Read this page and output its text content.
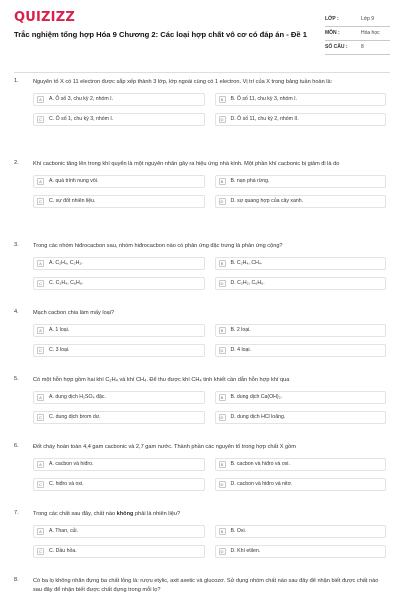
QUIZIZZ
Trắc nghiệm tổng hợp Hóa 9 Chương 2: Các loại hợp chất vô cơ có đáp án - Đề 1
LỚP :	Lớp 9
MÔN :	Hóa học
SỐ CÂU :	8
1.	Nguyên tố X có 11 electron được sắp xếp thành 3 lớp, lớp ngoài cùng có 1 electron. Vị trí của X trong bảng tuần hoàn là:
A	A. Ô số 3, chu kỳ 2, nhóm I.	B	B. Ô số 11, chu kỳ 3, nhóm I.
C	C. Ô số 1, chu kỳ 3, nhóm I.	D	D. Ô số 11, chu kỳ 2, nhóm II.
2.	Khí cacbonic tăng lên trong khí quyển là một nguyên nhân gây ra hiệu ứng nhà kính. Một phần khí cacbonic bị giảm đi là do
A	A. quá trình nung vôi.	B	B. nạn phá rừng.
C	C. sự đốt nhiên liệu.	D	D. sự quang hợp của cây xanh.
3.	Trong các nhóm hiđrocacbon sau, nhóm hiđrocacbon nào có phản ứng đặc trưng là phản ứng cộng?
A	A. C₂H₄, C₂H₂.	B	B. C₂H₄, CH₄.
C	C. C₂H₄, C₆H₆.	D	D. C₂H₂, C₆H₆.
4.	Mạch cacbon chia làm mấy loại?
A	A. 1 loại.	B	B. 2 loại.
C	C. 3 loại.	D	D. 4 loại.
5.	Có một hỗn hợp gồm hai khí C₂H₄ và khí CH₄. Để thu được khí CH₄ tinh khiết cần dẫn hỗn hợp khí qua
A	A. dung dịch H₂SO₄ đặc.	B	B. dung dịch Ca(OH)₂.
C	C. dung dịch brom dư.	D	D. dung dịch HCl loãng.
6.	Đốt cháy hoàn toàn 4,4 gam cacbonic và 2,7 gam nước. Thành phần các nguyên tố trong hợp chất X gồm
A	A. cacbon và hiđro.	B	B. cacbon và hiđro và oxi.
C	C. hiđro và oxi.	D	D. cacbon và hiđro và nitơ.
7.	Trong các chất sau đây, chất nào không phải là nhiên liệu?
A	A. Than, củi.	B	B. Oxi.
C	C. Dầu hỏa.	D	D. Khí etilen.
8.	Có ba lọ không nhãn đựng ba chất lỏng là: rượu etylic, axit axetic và glucozơ. Sử dụng nhóm chất nào sau đây để nhận biết được chất nào sau đây để nhận biết được chất đựng trong mỗi lọ?
